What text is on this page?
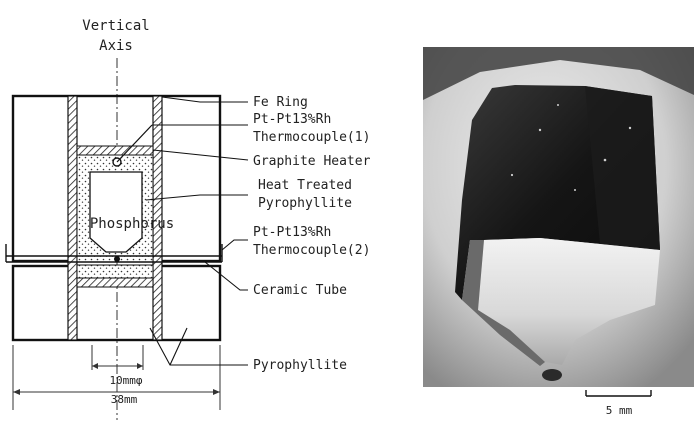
Vertical
Axis
Phosphorus
10mmφ
38mm
Fe Ring
Pt-Pt13%Rh
Thermocouple(1)
Graphite Heater
Heat Treated
Pyrophyllite
Pt-Pt13%Rh
Thermocouple(2)
Ceramic Tube
Pyrophyllite
5 mm
